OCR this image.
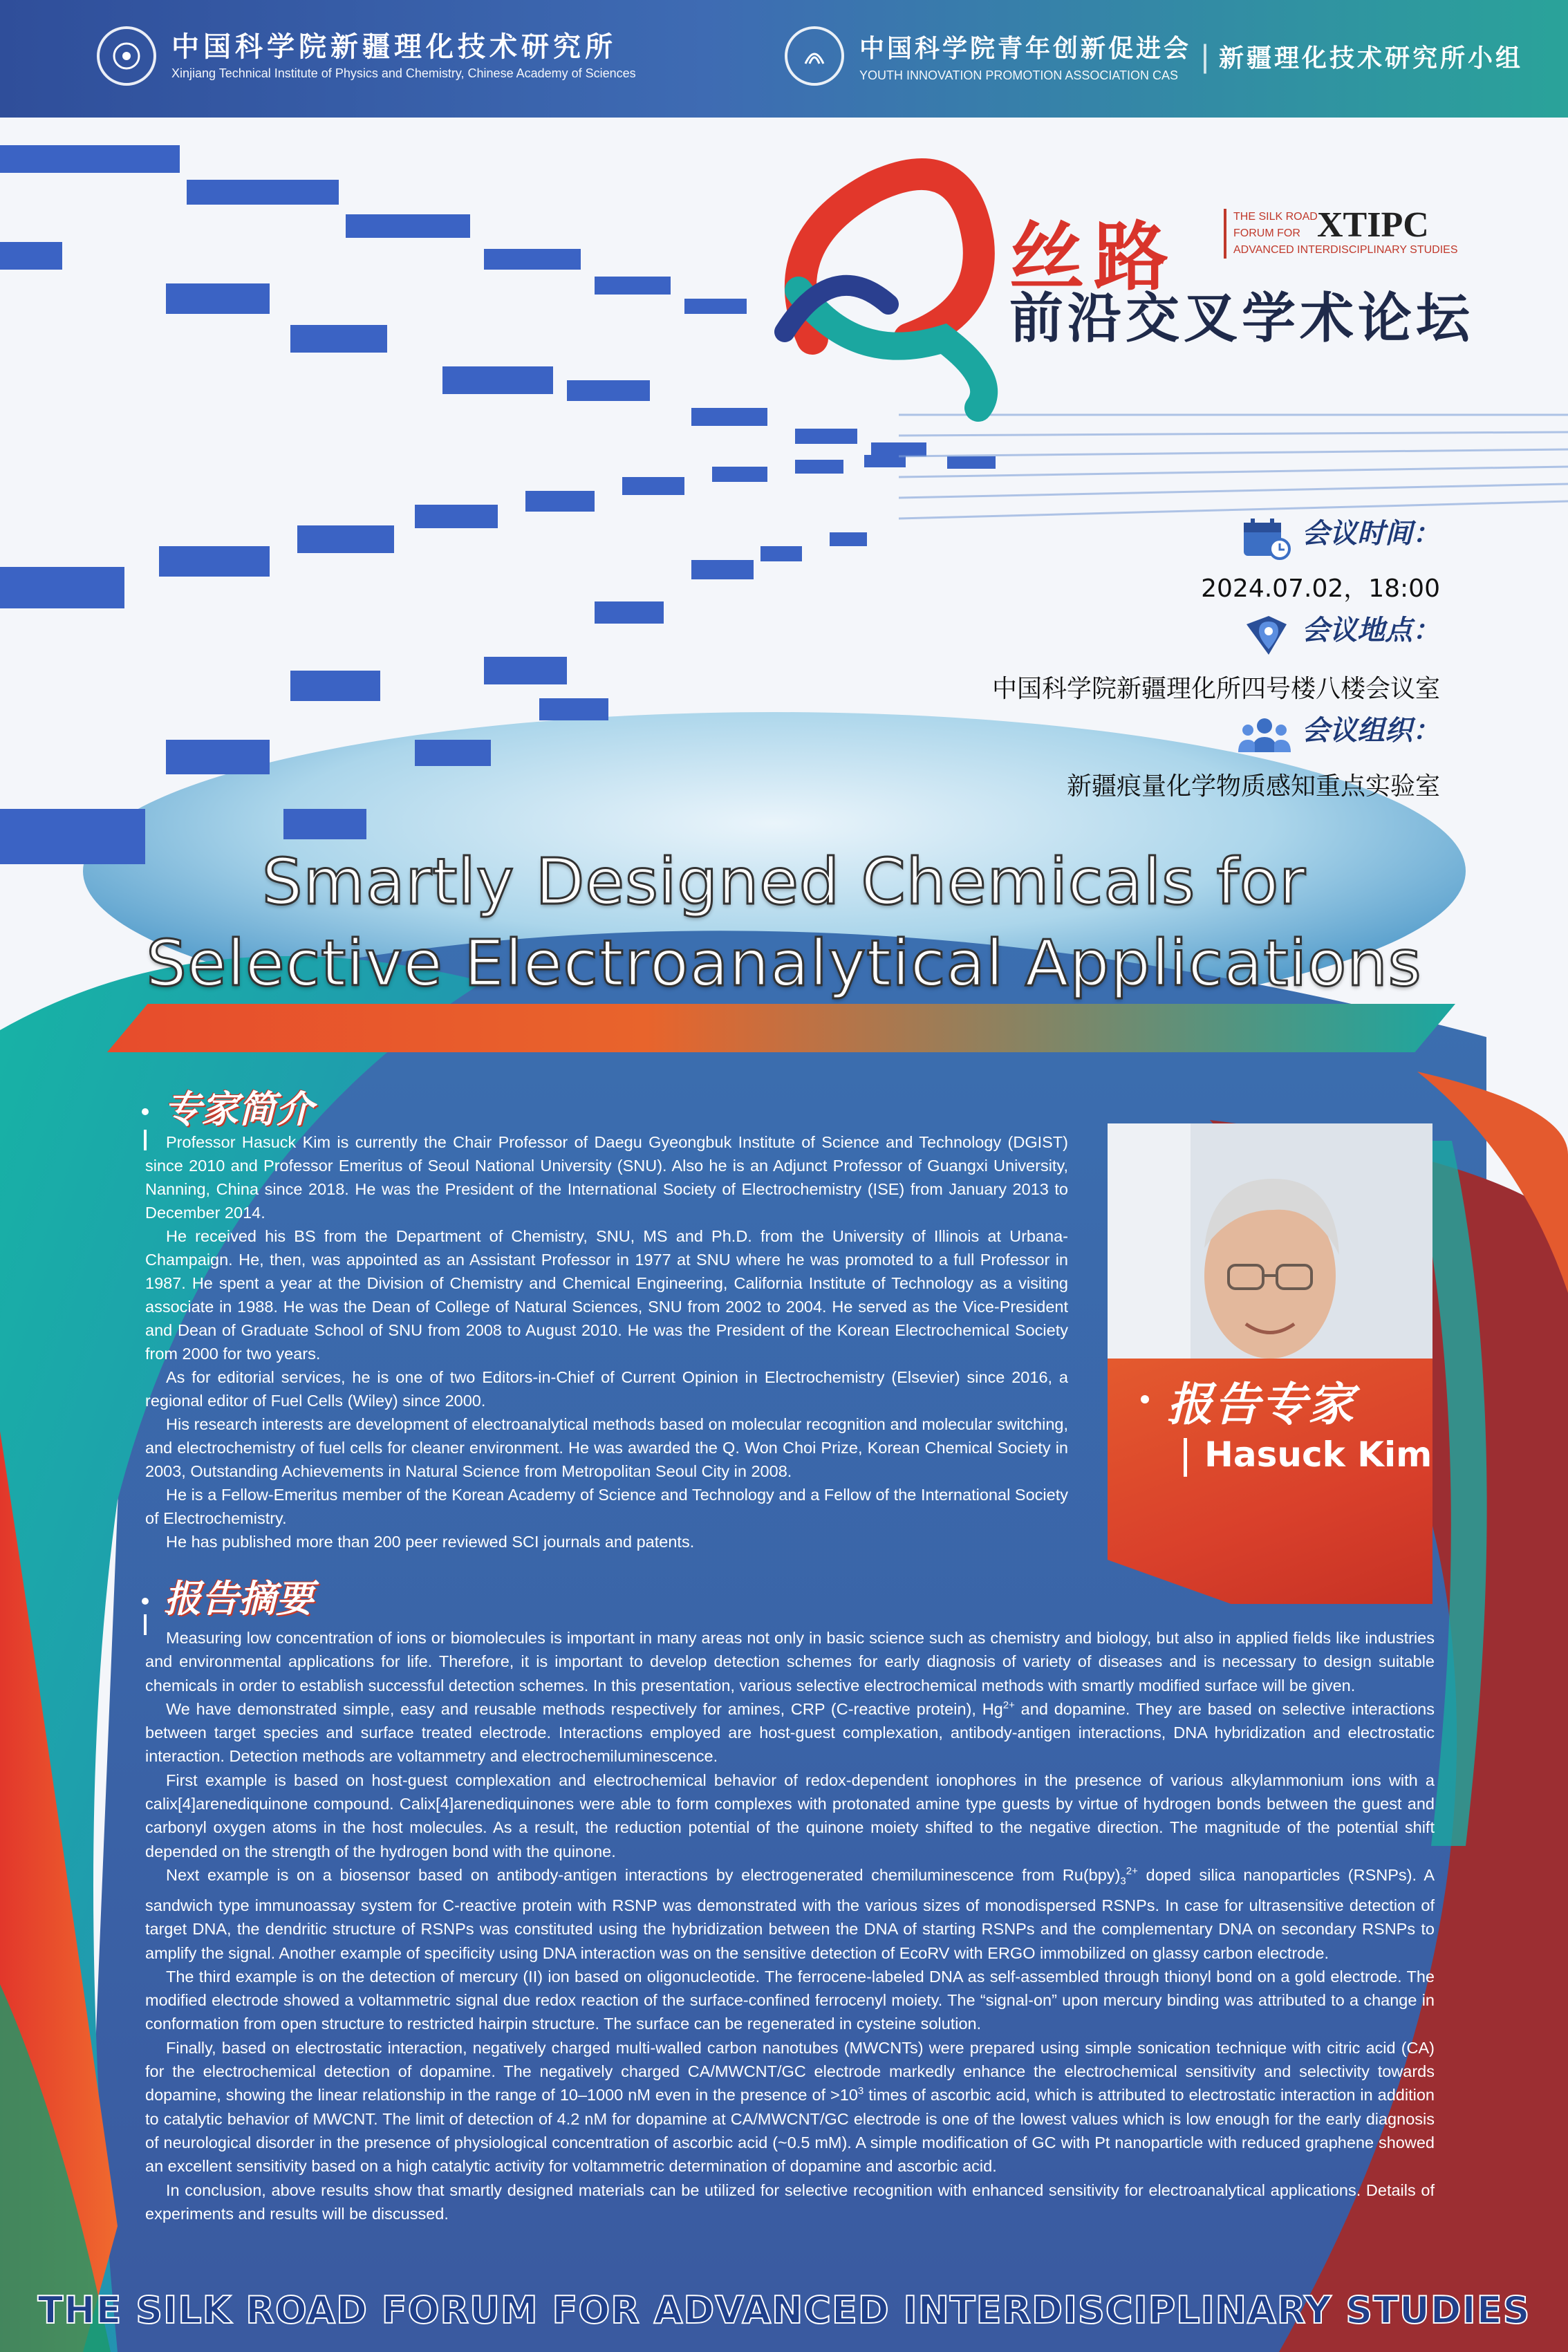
中国科学院新疆理化技术研究所
Xinjiang Technical Institute of Physics and Chemistry, Chinese Academy of Sciences
中国科学院青年创新促进会
YOUTH INNOVATION PROMOTION ASSOCIATION CAS
| 新疆理化技术研究所小组
丝路	THE SILK ROAD
FORUM FOR
ADVANCED INTERDISCIPLINARY STUDIES
XTIPC
前沿交叉学术论坛
会议时间：
2024.07.02，18:00
会议地点：
中国科学院新疆理化所四号楼八楼会议室
会议组织：
新疆痕量化学物质感知重点实验室
Smartly Designed Chemicals for
Selective Electroanalytical Applications
专家简介

Professor Hasuck Kim is currently the Chair Professor of Daegu Gyeongbuk Institute of Science and Technology (DGIST) since 2010 and Professor Emeritus of Seoul National University (SNU). Also he is an Adjunct Professor of Guangxi University, Nanning, China since 2018. He was the President of the International Society of Electrochemistry (ISE) from January 2013 to December 2014.

He received his BS from the Department of Chemistry, SNU, MS and Ph.D. from the University of Illinois at Urbana-Champaign. He, then, was appointed as an Assistant Professor in 1977 at SNU where he was promoted to a full Professor in 1987. He spent a year at the Division of Chemistry and Chemical Engineering, California Institute of Technology as a visiting associate in 1988. He was the Dean of College of Natural Sciences, SNU from 2002 to 2004. He served as the Vice-President and Dean of Graduate School of SNU from 2008 to August 2010. He was the President of the Korean Electrochemical Society from 2000 for two years.

As for editorial services, he is one of two Editors-in-Chief of Current Opinion in Electrochemistry (Elsevier) since 2016, a regional editor of Fuel Cells (Wiley) since 2000.

His research interests are development of electroanalytical methods based on molecular recognition and molecular switching, and electrochemistry of fuel cells for cleaner environment. He was awarded the Q. Won Choi Prize, Korean Chemical Society in 2003, Outstanding Achievements in Natural Science from Metropolitan Seoul City in 2008.

He is a Fellow-Emeritus member of the Korean Academy of Science and Technology and a Fellow of the International Society of Electrochemistry.

He has published more than 200 peer reviewed SCI journals and patents.

报告专家
Hasuck Kim
报告摘要

Measuring low concentration of ions or biomolecules is important in many areas not only in basic science such as chemistry and biology, but also in applied fields like industries and environmental applications for life. Therefore, it is important to develop detection schemes for early diagnosis of variety of diseases and is necessary to design suitable chemicals in order to establish successful detection schemes. In this presentation, various selective electrochemical methods with smartly modified surface will be given.

We have demonstrated simple, easy and reusable methods respectively for amines, CRP (C-reactive protein), $Hg^{2+}$ and dopamine. They are based on selective interactions between target species and surface treated electrode. Interactions employed are host-guest complexation, antibody-antigen interactions, DNA hybridization and electrostatic interaction. Detection methods are voltammetry and electrochemiluminescence.

First example is based on host-guest complexation and electrochemical behavior of redox-dependent ionophores in the presence of various alkylammonium ions with a calix[4]arenediquinone compound. Calix[4]arenediquinones were able to form complexes with protonated amine type guests by virtue of hydrogen bonds between the guest and carbonyl oxygen atoms in the host molecules. As a result, the reduction potential of the quinone moiety shifted to the negative direction. The magnitude of the potential shift depended on the strength of the hydrogen bond with the quinone.

Next example is on a biosensor based on antibody-antigen interactions by electrogenerated chemiluminescence from $Ru(bpy)_3^{2+}$ doped silica nanoparticles (RSNPs). A sandwich type immunoassay system for C-reactive protein with RSNP was demonstrated with the various sizes of monodispersed RSNPs. In case for ultrasensitive detection of target DNA, the dendritic structure of RSNPs was constituted using the hybridization between the DNA of starting RSNPs and the complementary DNA on secondary RSNPs to amplify the signal. Another example of specificity using DNA interaction was on the sensitive detection of EcoRV with ERGO immobilized on glassy carbon electrode.

The third example is on the detection of mercury (II) ion based on oligonucleotide. The ferrocene-labeled DNA as self-assembled through thionyl bond on a gold electrode. The modified electrode showed a voltammetric signal due redox reaction of the surface-confined ferrocenyl moiety. The “signal-on” upon mercury binding was attributed to a change in conformation from open structure to restricted hairpin structure. The surface can be regenerated in cysteine solution.

Finally, based on electrostatic interaction, negatively charged multi-walled carbon nanotubes (MWCNTs) were prepared using simple sonication technique with citric acid (CA) for the electrochemical detection of dopamine. The negatively charged CA/MWCNT/GC electrode markedly enhance the electrochemical sensitivity and selectivity towards dopamine, showing the linear relationship in the range of 10–1000 nM even in the presence of $>10^3$ times of ascorbic acid, which is attributed to electrostatic interaction in addition to catalytic behavior of MWCNT. The limit of detection of 4.2 nM for dopamine at CA/MWCNT/GC electrode is one of the lowest values which is low enough for the early diagnosis of neurological disorder in the presence of physiological concentration of ascorbic acid (~0.5 mM). A simple modification of GC with Pt nanoparticle with reduced graphene showed an excellent sensitivity based on a high catalytic activity for voltammetric determination of dopamine and ascorbic acid.

In conclusion, above results show that smartly designed materials can be utilized for selective recognition with enhanced sensitivity for electroanalytical applications. Details of experiments and results will be discussed.

THE SILK ROAD FORUM FOR ADVANCED INTERDISCIPLINARY STUDIES
